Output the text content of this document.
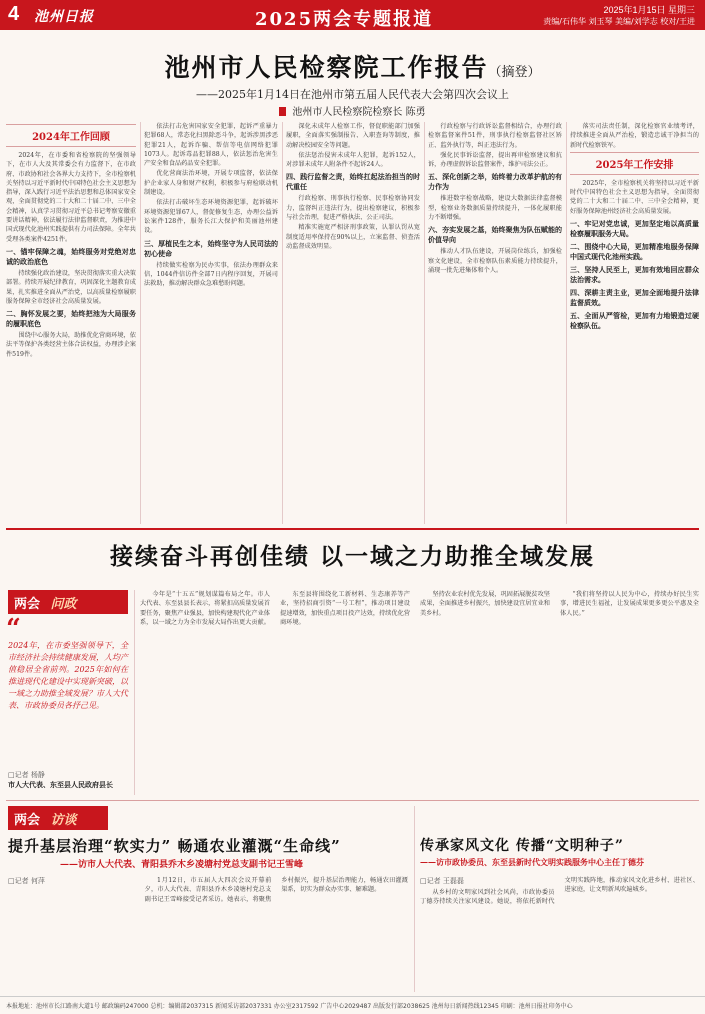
4 池州日报	2025两会专题报道	2025年1月15日 星期三
责编/石伟华 刘玉琴 美编/刘学志 校对/王进
池州市人民检察院工作报告（摘登）
——2025年1月14日在池州市第五届人民代表大会第四次会议上
池州市人民检察院检察长 陈勇
2024年工作回顾

2024年，在市委和省检察院的坚强领导下，在市人大及其常委会有力监督下，在市政府、市政协和社会各界大力支持下，全市检察机关坚持以习近平新时代中国特色社会主义思想为指导，深入践行习近平法治思想和总体国家安全观，全面贯彻党的二十大和二十届二中、三中全会精神，认真学习贯彻习近平总书记考察安徽重要讲话精神，依法履行法律监督职责，为推进中国式现代化池州实践提供有力司法保障。全年共受理各类案件4251件。

一、锚牢保障之魂，始终服务对党绝对忠诚的政治底色

持续强化政治建设，坚决贯彻落实重大决策部署。持续开展纪律教育，巩固深化主题教育成果，扎实推进全面从严治党，以高质量检察履职服务保障全市经济社会高质量发展。

二、胸怀发展之要，始终把池为大局服务的履职底色

围绕中心服务大局，助推优化营商环境，依法平等保护各类经营主体合法权益，办理涉企案件519件。

依法打击危害国家安全犯罪，起诉严重暴力犯罪68人，常态化扫黑除恶斗争，起诉涉黑涉恶犯罪21人，起诉诈骗、帮信等电信网络犯罪1073人。起诉毒品犯罪88人，依法惩治危害生产安全和食品药品安全犯罪。

优化营商法治环境，开展专项监督，依法保护企业家人身和财产权利，积极参与府检联动机制建设。

依法打击破坏生态环境资源犯罪，起诉破坏环境资源犯罪67人，督促修复生态，办理公益诉讼案件128件，服务长江大保护和美丽池州建设。

三、厚植民生之本，始终坚守为人民司法的初心使命

持续做实检察为民办实事，依法办理群众来信，1044件信访件全部7日内程序回复，开展司法救助，推动解决群众急难愁盼问题。

深化未成年人检察工作，督促职能部门加强履职，全面落实强制报告、入职查询等制度，推动解决校园安全等问题。

依法惩治侵害未成年人犯罪，起诉152人，对涉罪未成年人附条件不起诉24人。

四、践行监督之责，始终扛起法治担当的时代重任

行政检察、刑事执行检察、民事检察协同发力，监督纠正违法行为，提出检察建议，积极参与社会治理，促进严格执法、公正司法。

精准实施宽严相济刑事政策，认罪认罚从宽制度适用率保持在90%以上，立案监督、侦查活动监督成效明显。

行政检察与行政诉讼监督相结合，办理行政检察监督案件51件，刑事执行检察监督社区矫正、监外执行等，纠正违法行为。

强化民事诉讼监督，提出再审检察建议和抗诉，办理虚假诉讼监督案件，维护司法公正。

五、深化创新之举，始终着力改革护航的有力作为

推进数字检察战略，建设大数据法律监督模型，检察业务数据质量持续提升，一体化履职能力不断增强。

六、夯实发展之基，始终聚焦为队伍赋能的价值导向

推动人才队伍建设，开展岗位练兵，加强检察文化建设，全市检察队伍素质能力持续提升，涌现一批先进集体和个人。

落实司法责任制，深化检察官业绩考评，持续推进全面从严治检，锻造忠诚干净担当的新时代检察铁军。

2025年工作安排

2025年，全市检察机关将坚持以习近平新时代中国特色社会主义思想为指导，全面贯彻党的二十大和二十届二中、三中全会精神，更好服务保障池州经济社会高质量发展。

一、牢记对党忠诚，更加坚定地以高质量检察履职服务大局。
二、围绕中心大局，更加精准地服务保障中国式现代化池州实践。
三、坚持人民至上，更加有效地回应群众法治需求。
四、深耕主责主业，更加全面地提升法律监督质效。
五、全面从严管检，更加有力地锻造过硬检察队伍。
接续奋斗再创佳绩 以一域之力助推全域发展
两会 问政
“
2024年，在市委坚强领导下，全市经济社会持续健康发展，人均产值稳居全省前列。2025年如何在推进现代化建设中实现新突破，以一域之力助推全域发展？市人大代表、市政协委员各抒己见。
□记者 杨静
市人大代表、东至县人民政府县长

今年是“十五五”规划谋篇布局之年。市人大代表、东至县县长表示，将紧扣高质量发展首要任务，聚焦产业强县，加快构建现代化产业体系，以一域之力为全市发展大局作出更大贡献。

东至县将围绕化工新材料、生态康养等产业，坚持招商引资“一号工程”，推动项目建设提速增效，加快重点项目投产达效，持续优化营商环境。

坚持农业农村优先发展，巩固拓展脱贫攻坚成果，全面推进乡村振兴，加快建设宜居宜业和美乡村。

“我们将坚持以人民为中心，持续办好民生实事，增进民生福祉，让发展成果更多更公平惠及全体人民。”

两会 访谈
提升基层治理“软实力” 畅通农业灌溉“生命线”
——访市人大代表、青阳县乔木乡凌塘村党总支副书记王雪峰
□记者 何萍	1月12日，市五届人大四次会议开幕前夕，市人大代表、青阳县乔木乡凌塘村党总支副书记王雪峰接受记者采访。她表示，将聚焦乡村振兴，提升基层治理能力，畅通农田灌溉渠系，切实为群众办实事、解难题。

传承家风文化 传播“文明种子”
——访市政协委员、东至县新时代文明实践服务中心主任丁德芬
□记者 王磊磊

从乡村的文明家风到社会风尚，市政协委员丁德芬持续关注家风建设。她说，将依托新时代文明实践阵地，推动家风文化进乡村、进社区、进家庭，让文明新风吹遍城乡。

本报地址：池州市长江路南大道1号 邮政编码247000 总机：编辑部2037315 新闻采访部2037331 办公室2317592 广告中心2029487 出版发行部2038625 池州每日新闻热线12345 印刷：池州日报社印务中心
